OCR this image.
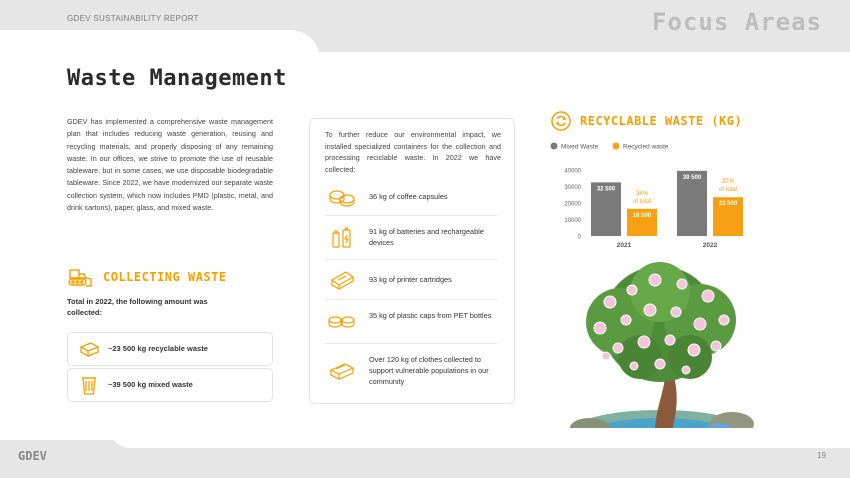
GDEV SUSTAINABILITY REPORT	Focus Areas
Waste Management
GDEV has implemented a comprehensive waste management plan that includes reducing waste generation, reusing and recycling materials, and properly disposing of any remaining waste. In our offices, we strive to promote the use of reusable tableware, but in some cases, we use disposable biodegradable tableware. Since 2022, we have modernized our separate waste collection system, which now includes PMD (plastic, metal, and drink cartons), paper, glass, and mixed waste.
COLLECTING WASTE
Total in 2022, the following amount was collected:
~23 500 kg recyclable waste
~39 500 kg mixed waste
To further reduce our environmental impact, we installed specialized containers for the collection and processing reciclable waste. In 2022 we have collected:
36 kg of coffee capsules
91 kg of batteries and rechargeable devices
93 kg of printer cartridges
35 kg of plastic caps from PET bottles
Over 120 kg of clothes collected to support vulnerable populations in our community
RECYCLABLE WASTE (KG)
Mixed Waste	Recycled waste
40000
30000
20000
10000
0
32 500
16 500
34%
of total
2021
39 500
23 500
37%
of total
2022
GDEV	19
